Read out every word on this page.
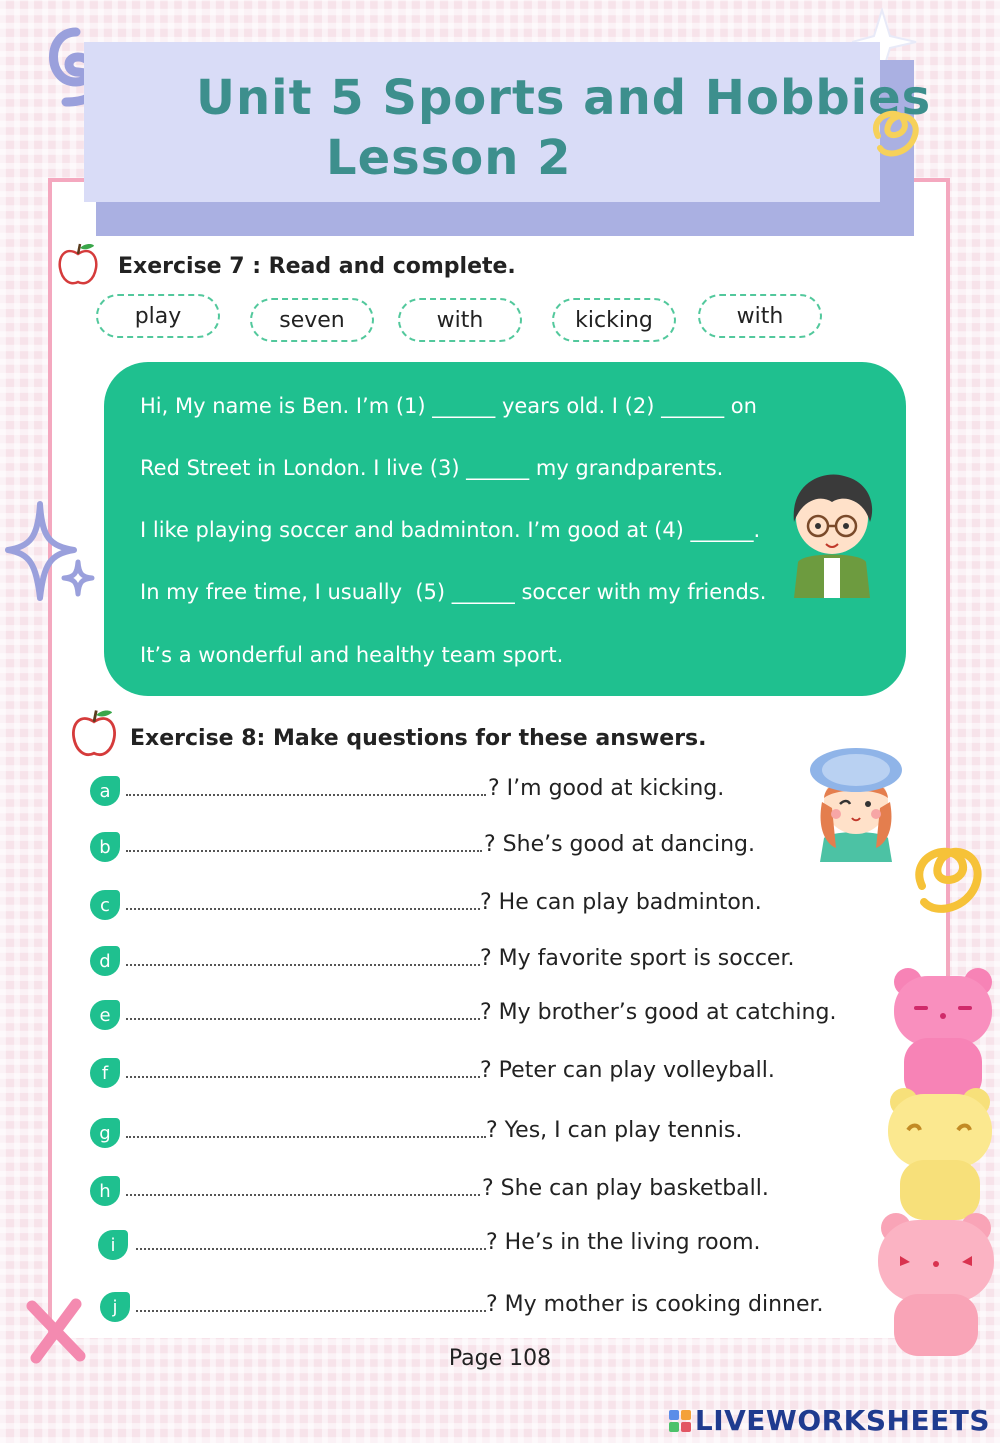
Unit 5 Sports and Hobbies
Lesson 2
Exercise 7 : Read and complete.
play	seven	with	kicking	with
Hi, My name is Ben. I’m (1) ______ years old. I (2) ______ on
Red Street in London. I live (3) ______ my grandparents.
I like playing soccer and badminton. I’m good at (4) ______.
In my free time, I usually  (5) ______ soccer with my friends.
It’s a wonderful and healthy team sport.
Exercise 8: Make questions for these answers.
a	? I’m good at kicking.
b	? She’s good at dancing.
c	? He can play badminton.
d	? My favorite sport is soccer.
e	? My brother’s good at catching.
f	? Peter can play volleyball.
g	? Yes, I can play tennis.
h	? She can play basketball.
i	? He’s in the living room.
j	? My mother is cooking dinner.
Page 108
LIVEWORKSHEETS
